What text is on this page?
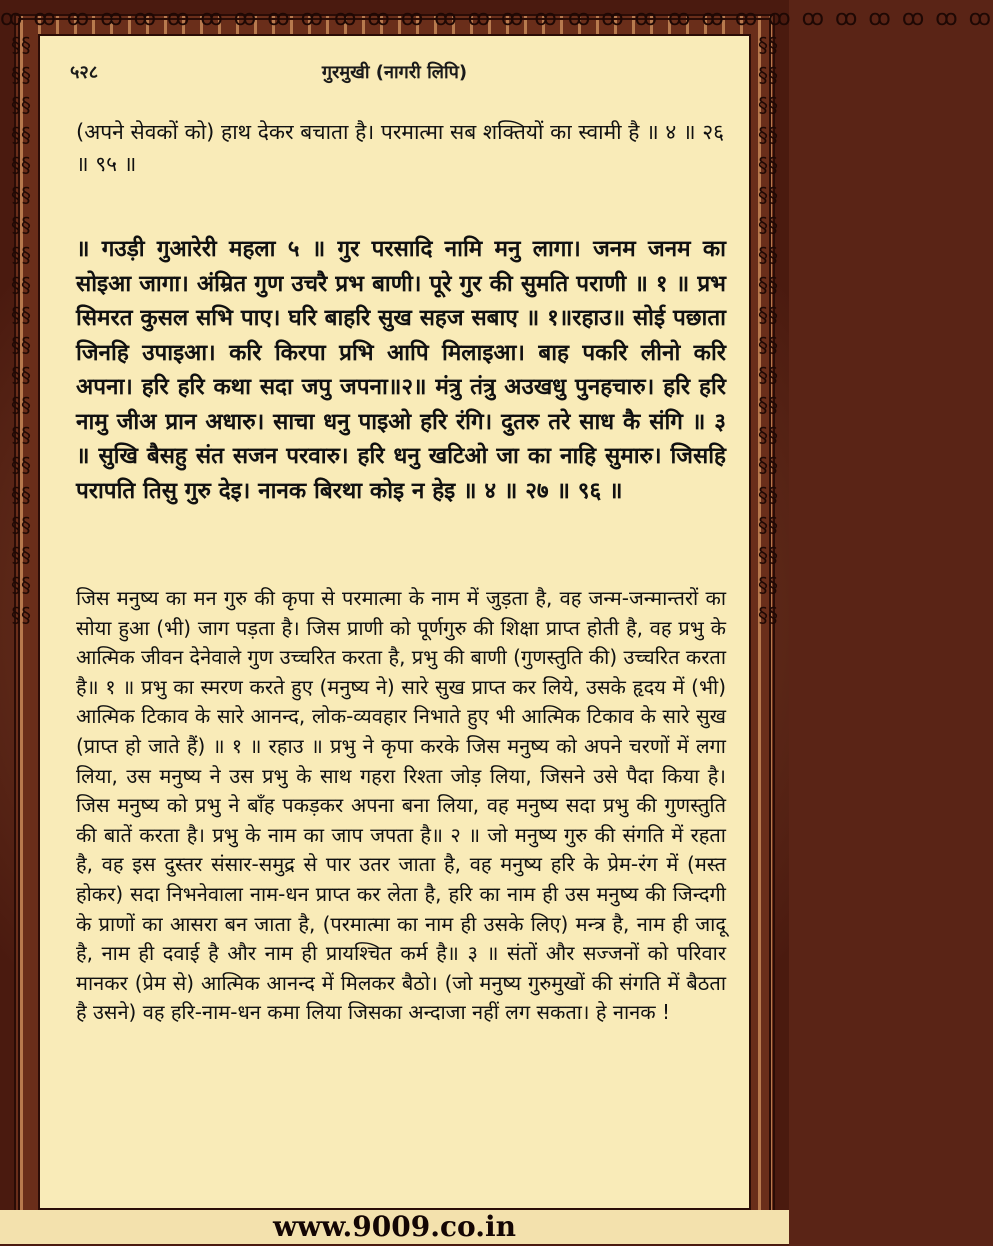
ꝏ ꝏ ꝏ ꝏ ꝏ ꝏ ꝏ ꝏ ꝏ ꝏ ꝏ ꝏ ꝏ ꝏ ꝏ ꝏ ꝏ ꝏ ꝏ ꝏ ꝏ ꝏ ꝏ ꝏ ꝏ ꝏ ꝏ ꝏ ꝏ ꝏ
§§§§§§§§§§§§§§§§§§§§§§§§§§§§§§§§§§§§§§§§
§§§§§§§§§§§§§§§§§§§§§§§§§§§§§§§§§§§§§§§§
५२८	गुरमुखी (नागरी लिपि)
(अपने सेवकों को) हाथ देकर बचाता है। परमात्मा सब शक्तियों का स्वामी है ॥ ४ ॥ २६ ॥ ९५ ॥
॥ गउड़ी गुआरेरी महला ५ ॥ गुर परसादि नामि मनु लागा। जनम जनम का सोइआ जागा। अंम्रित गुण उचरै प्रभ बाणी। पूरे गुर की सुमति पराणी ॥ १ ॥ प्रभ सिमरत कुसल सभि पाए। घरि बाहरि सुख सहज सबाए ॥ १॥रहाउ॥ सोई पछाता जिनहि उपाइआ। करि किरपा प्रभि आपि मिलाइआ। बाह पकरि लीनो करि अपना। हरि हरि कथा सदा जपु जपना॥२॥ मंत्रु तंत्रु अउखधु पुनहचारु। हरि हरि नामु जीअ प्रान अधारु। साचा धनु पाइओ हरि रंगि। दुतरु तरे साध कै संगि ॥ ३ ॥ सुखि बैसहु संत सजन परवारु। हरि धनु खटिओ जा का नाहि सुमारु। जिसहि परापति तिसु गुरु देइ। नानक बिरथा कोइ न हेइ ॥ ४ ॥ २७ ॥ ९६ ॥
जिस मनुष्य का मन गुरु की कृपा से परमात्मा के नाम में जुड़ता है, वह जन्म-जन्मान्तरों का सोया हुआ (भी) जाग पड़ता है। जिस प्राणी को पूर्णगुरु की शिक्षा प्राप्त होती है, वह प्रभु के आत्मिक जीवन देनेवाले गुण उच्चरित करता है, प्रभु की बाणी (गुणस्तुति की) उच्चरित करता है॥ १ ॥ प्रभु का स्मरण करते हुए (मनुष्य ने) सारे सुख प्राप्त कर लिये, उसके हृदय में (भी) आत्मिक टिकाव के सारे आनन्द, लोक-व्यवहार निभाते हुए भी आत्मिक टिकाव के सारे सुख (प्राप्त हो जाते हैं) ॥ १ ॥ रहाउ ॥ प्रभु ने कृपा करके जिस मनुष्य को अपने चरणों में लगा लिया, उस मनुष्य ने उस प्रभु के साथ गहरा रिश्ता जोड़ लिया, जिसने उसे पैदा किया है। जिस मनुष्य को प्रभु ने बाँह पकड़कर अपना बना लिया, वह मनुष्य सदा प्रभु की गुणस्तुति की बातें करता है। प्रभु के नाम का जाप जपता है॥ २ ॥ जो मनुष्य गुरु की संगति में रहता है, वह इस दुस्तर संसार-समुद्र से पार उतर जाता है, वह मनुष्य हरि के प्रेम-रंग में (मस्त होकर) सदा निभनेवाला नाम-धन प्राप्त कर लेता है, हरि का नाम ही उस मनुष्य की जिन्दगी के प्राणों का आसरा बन जाता है, (परमात्मा का नाम ही उसके लिए) मन्त्र है, नाम ही जादू है, नाम ही दवाई है और नाम ही प्रायश्चित कर्म है॥ ३ ॥ संतों और सज्जनों को परिवार मानकर (प्रेम से) आत्मिक आनन्द में मिलकर बैठो। (जो मनुष्य गुरुमुखों की संगति में बैठता है उसने) वह हरि-नाम-धन कमा लिया जिसका अन्दाजा नहीं लग सकता। हे नानक !
www.9009.co.in
